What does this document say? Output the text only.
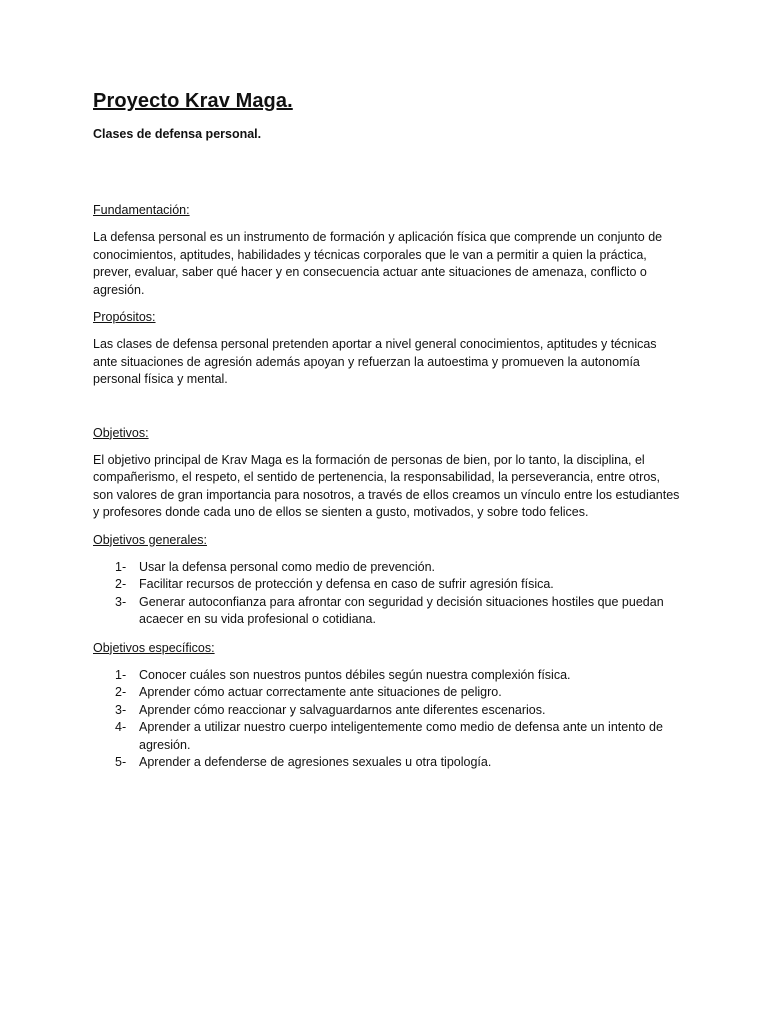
Proyecto Krav Maga.

Clases de defensa personal.

Fundamentación:

La defensa personal es un instrumento de formación y aplicación física que comprende un conjunto de conocimientos, aptitudes, habilidades y técnicas corporales que le van a permitir a quien la práctica, prever, evaluar, saber qué hacer y en consecuencia actuar ante situaciones de amenaza, conflicto o agresión.

Propósitos:

Las clases de defensa personal pretenden aportar a nivel general conocimientos, aptitudes y técnicas ante situaciones de agresión además apoyan y refuerzan la autoestima y promueven la autonomía personal física y mental.

Objetivos:

El objetivo principal de Krav Maga es la formación de personas de bien, por lo tanto, la disciplina, el compañerismo, el respeto, el sentido de pertenencia, la responsabilidad, la perseverancia, entre otros, son valores de gran importancia para nosotros, a través de ellos creamos un vínculo entre los estudiantes y profesores donde cada uno de ellos se sienten a gusto, motivados, y sobre todo felices.

Objetivos generales:
1-	Usar la defensa personal como medio de prevención.
2-	Facilitar recursos de protección y defensa en caso de sufrir agresión física.
3-	Generar autoconfianza para afrontar con seguridad y decisión situaciones hostiles que puedan acaecer en su vida profesional o cotidiana.
Objetivos específicos:
1-	Conocer cuáles son nuestros puntos débiles según nuestra complexión física.
2-	Aprender cómo actuar correctamente ante situaciones de peligro.
3-	Aprender cómo reaccionar y salvaguardarnos ante diferentes escenarios.
4-	Aprender a utilizar nuestro cuerpo inteligentemente como medio de defensa ante un intento de agresión.
5-	Aprender a defenderse de agresiones sexuales u otra tipología.
